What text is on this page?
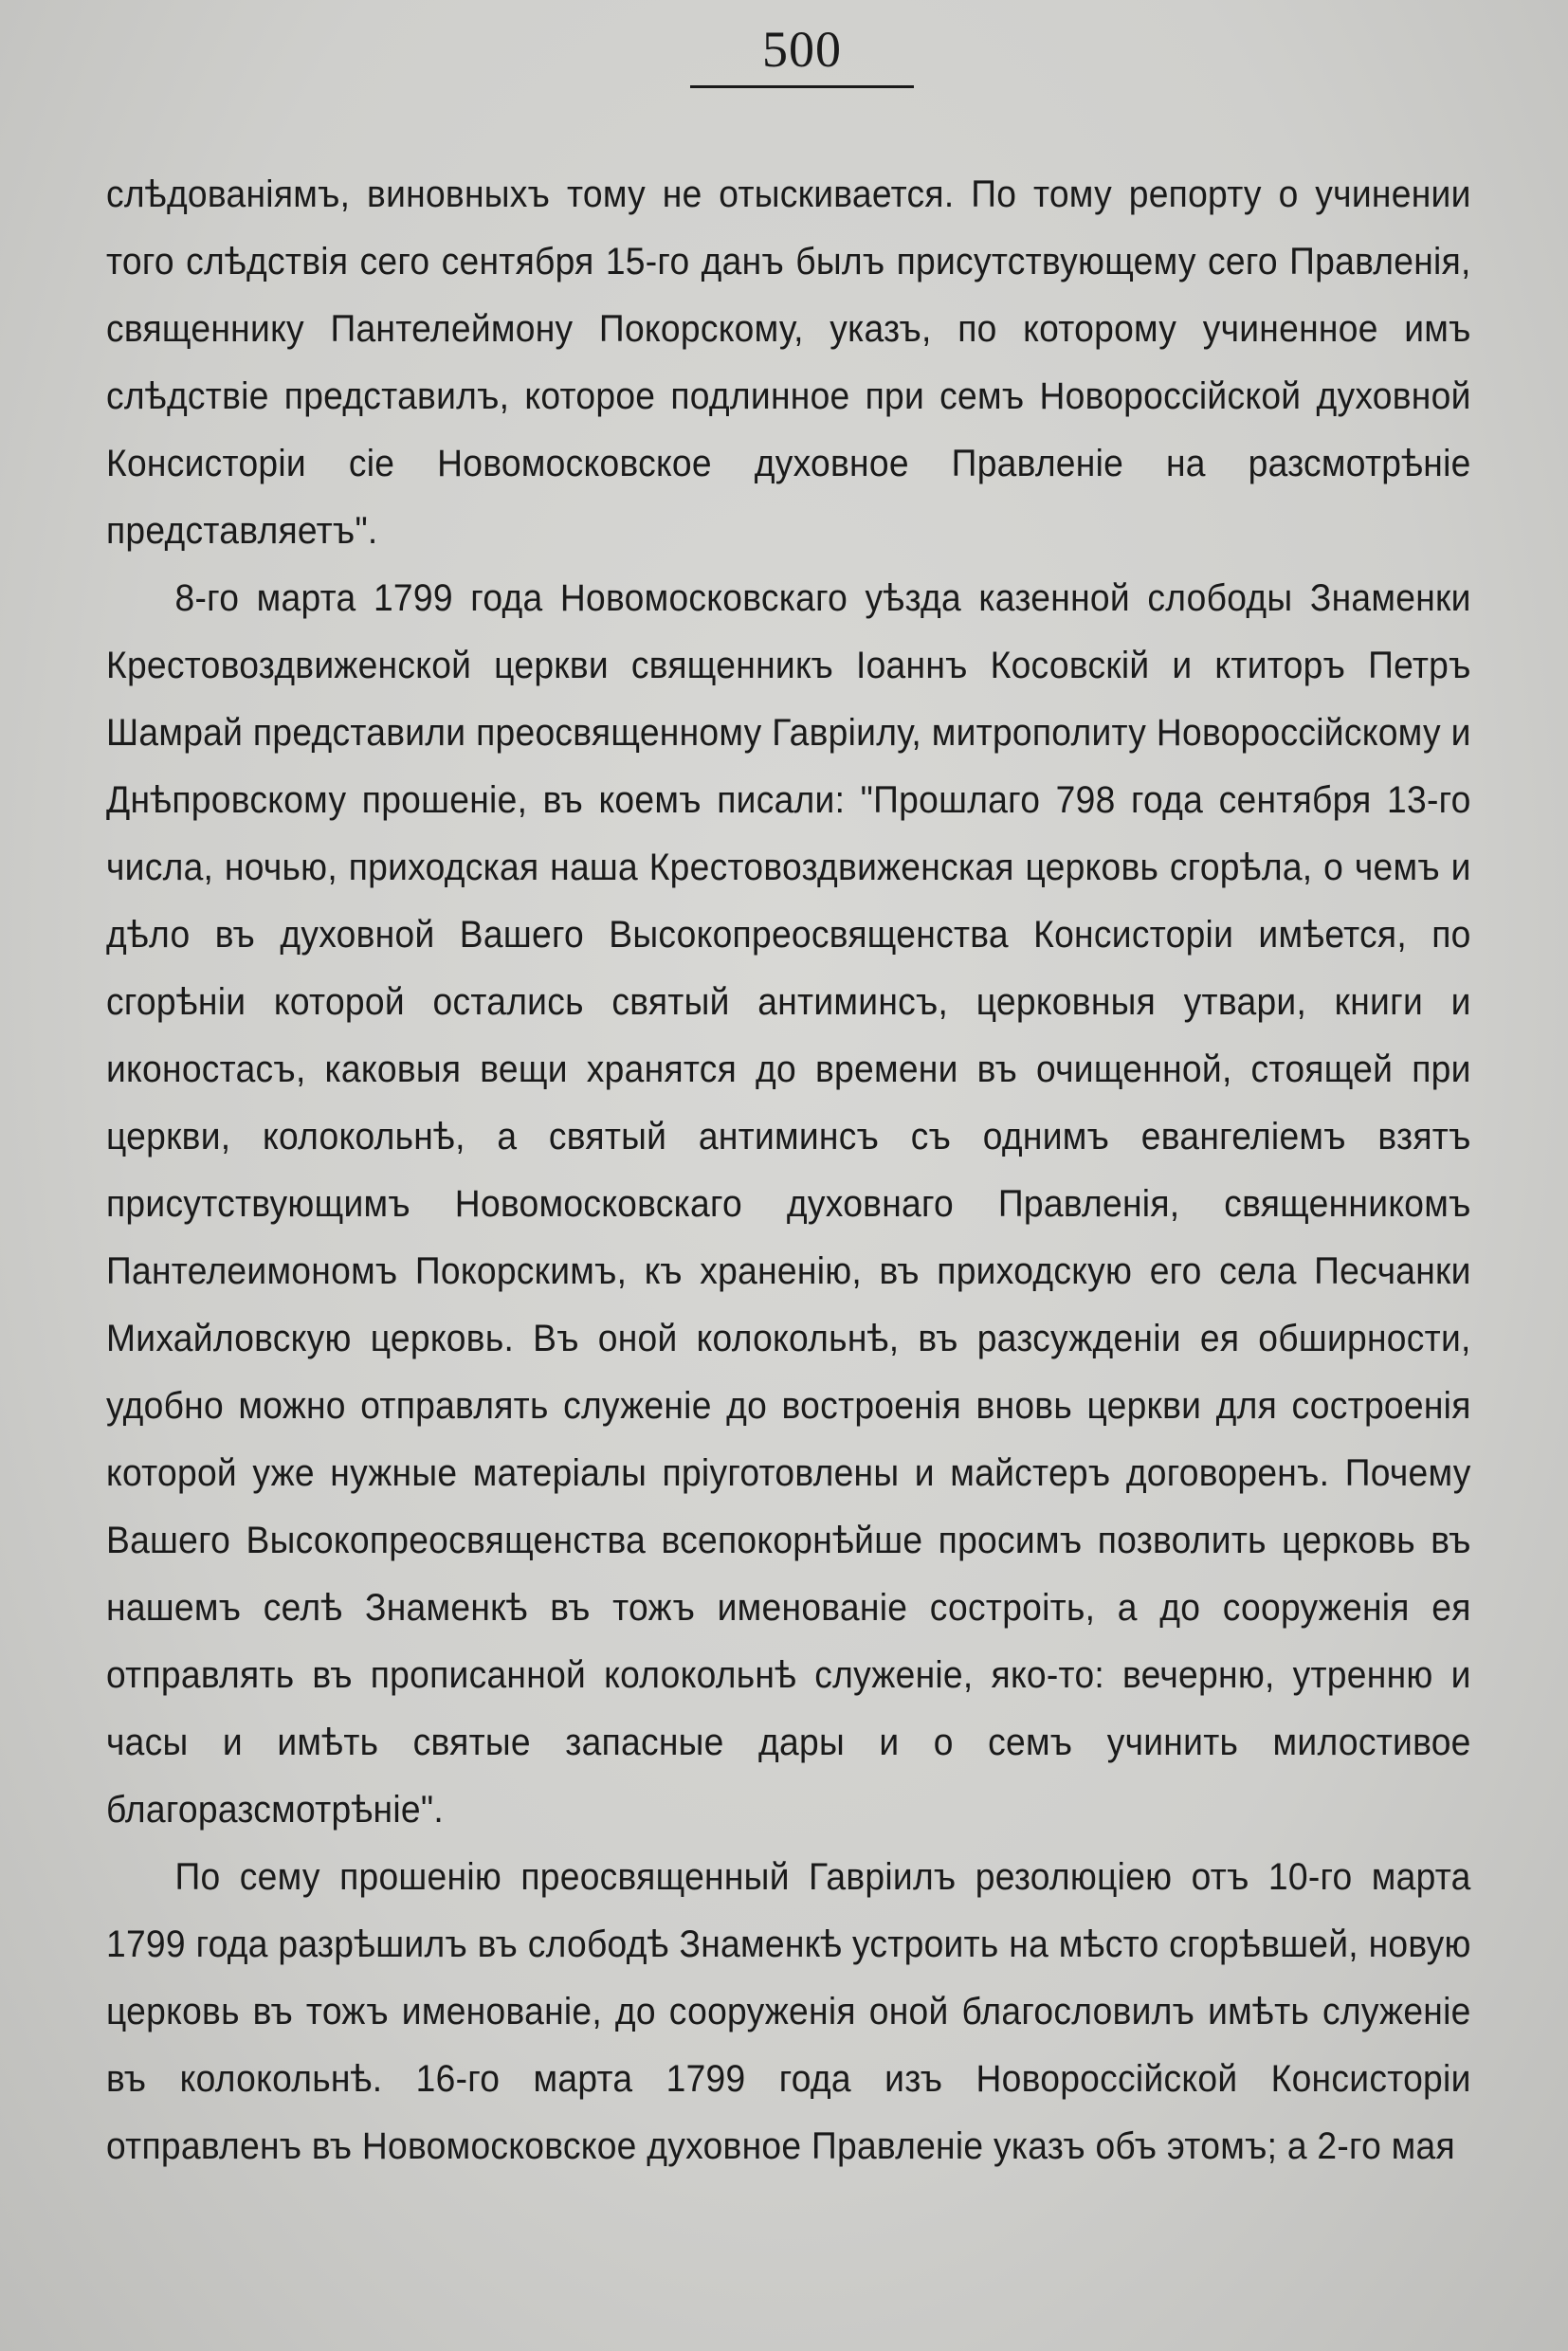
500

слѣдованіямъ, виновныхъ тому не отыскивается. По тому репорту о учинении того слѣдствія сего сентября 15-го данъ былъ присутствующему сего Правленія, священнику Пантелеймону Покорскому, указъ, по которому учиненное имъ слѣдствіе представилъ, которое подлинное при семъ Новороссійской духовной Консисторіи сіе Новомосковское духовное Правленіе на разсмотрѣніе представляетъ".

8-го марта 1799 года Новомосковскаго уѣзда казенной слободы Знаменки Крестовоздвиженской церкви священникъ Іоаннъ Косовскій и ктиторъ Петръ Шамрай представили преосвященному Гавріилу, митрополиту Новороссійскому и Днѣпровскому прошеніе, въ коемъ писали: "Прошлаго 798 года сентября 13-го числа, ночью, приходская наша Крестовоздвиженская церковь сгорѣла, о чемъ и дѣло въ духовной Вашего Высокопреосвященства Консисторіи имѣется, по сгорѣніи которой остались святый антиминсъ, церковныя утвари, книги и иконостасъ, каковыя вещи хранятся до времени въ очищенной, стоящей при церкви, колокольнѣ, а святый антиминсъ съ однимъ евангеліемъ взятъ присутствующимъ Новомосковскаго духовнаго Правленія, священникомъ Пантелеимономъ Покорскимъ, къ храненію, въ приходскую его села Песчанки Михайловскую церковь. Въ оной колокольнѣ, въ разсужденіи ея обширности, удобно можно отправлять служеніе до востроенія вновь церкви для состроенія которой уже нужные матеріалы пріуготовлены и майстеръ договоренъ. Почему Вашего Высокопреосвященства всепокорнѣйше просимъ позволить церковь въ нашемъ селѣ Знаменкѣ въ тожъ именованіе состроіть, а до сооруженія ея отправлять въ прописанной колокольнѣ служеніе, яко-то: вечерню, утренню и часы и имѣть святые запасные дары и о семъ учинить милостивое благоразсмотрѣніе".

По сему прошенію преосвященный Гавріилъ резолюціею отъ 10-го марта 1799 года разрѣшилъ въ слободѣ Знаменкѣ устроить на мѣсто сгорѣвшей, новую церковь въ тожъ именованіе, до сооруженія оной благословилъ имѣть служеніе въ колокольнѣ. 16-го марта 1799 года изъ Новороссійской Консисторіи отправленъ въ Новомосковское духовное Правленіе указъ объ этомъ; а 2-го мая
